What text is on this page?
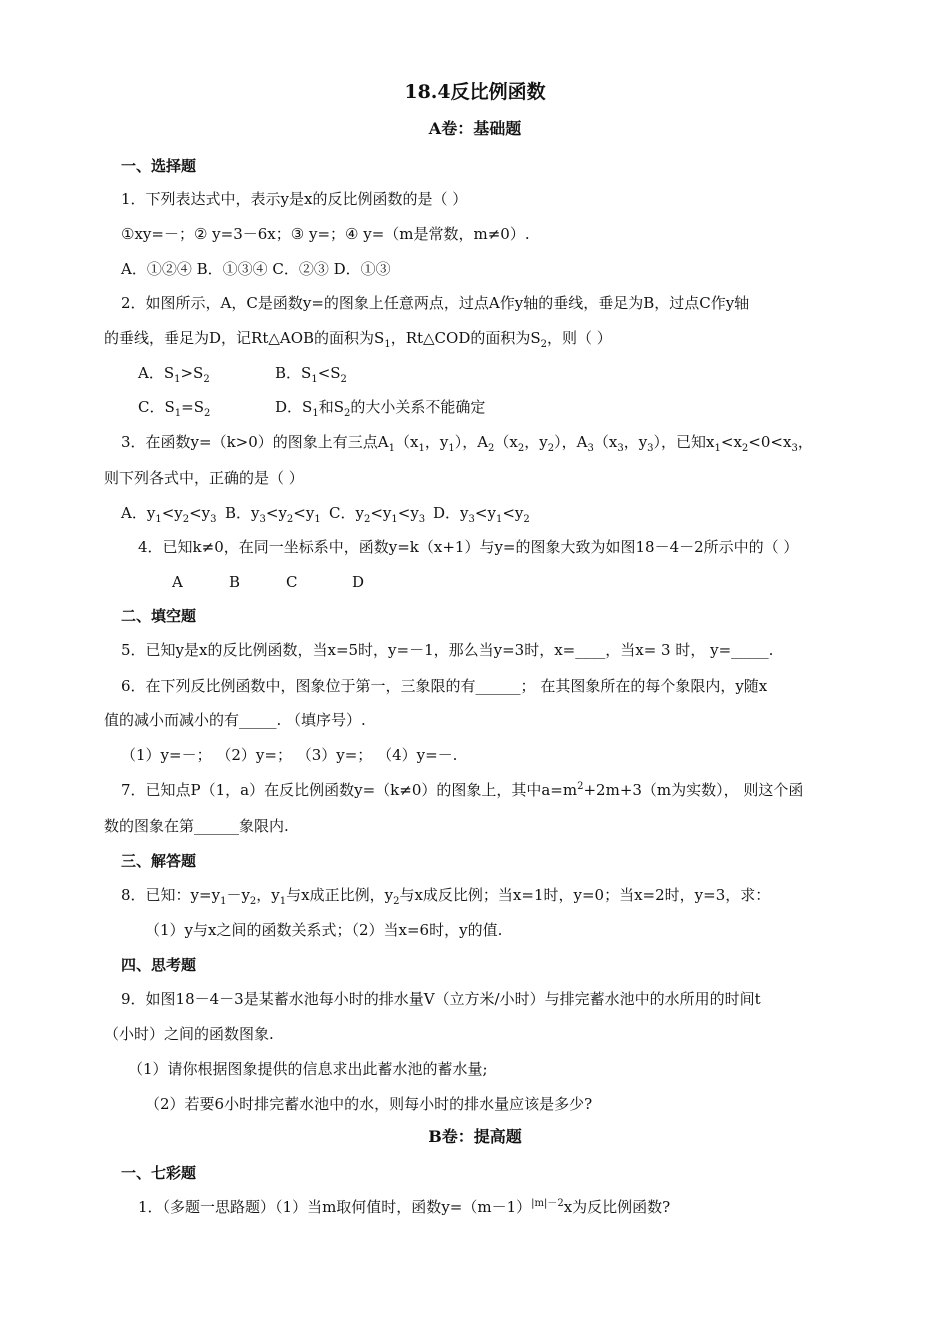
18.4反比例函数
A卷：基础题
一、选择题
1．下列表达式中，表示y是x的反比例函数的是（ ）
①xy=－；② y=3－6x；③ y=；④ y=（m是常数，m≠0）.
A．①②④ B．①③④ C．②③ D．①③
2．如图所示，A，C是函数y=的图象上任意两点，过点A作y轴的垂线，垂足为B，过点C作y轴
的垂线，垂足为D，记Rt△AOB的面积为$S_1$，Rt△COD的面积为$S_2$，则（ ）
A．$S_1>S_2$	B．$S_1<S_2$
C．$S_1=S_2$	D．$S_1$和$S_2$的大小关系不能确定
3．在函数y=（k>0）的图象上有三点$A_1(x_1$，$y_1$），$A_2(x_2$，$y_2$），$A_3(x_3$，$y_3$），已知$x_1<x_2<0<x_3$，
则下列各式中，正确的是（ ）
A．$y_1<y_2<y_3$ B．$y_3<y_2<y_1$ C．$y_2<y_1<y_3$ D．$y_3<y_1<y_2$
4．已知k≠0，在同一坐标系中，函数y=k（x+1）与y=的图象大致为如图18－4－2所示中的（ ）
A	B	C	D
二、填空题
5．已知y是x的反比例函数，当x=5时，y=－1，那么当y=3时，x=____，当x= 3 时， y=_____.
6．在下列反比例函数中，图象位于第一，三象限的有______； 在其图象所在的每个象限内，y随x
值的减小而减小的有_____. （填序号）.
（1）y=－； （2）y=； （3）y=； （4）y=－.
7．已知点P（1，a）在反比例函数y=（k≠0）的图象上，其中$a=m^2+2m+3(m$为实数）， 则这个函
数的图象在第______象限内.
三、解答题
8．已知：$y=y_1-y_2$，$y_1$与x成正比例，$y_2$与x成反比例；当x=1时，y=0；当x=2时，y=3，求：
（1）y与x之间的函数关系式；（2）当x=6时，y的值.
四、思考题
9．如图18－4－3是某蓄水池每小时的排水量V（立方米/小时）与排完蓄水池中的水所用的时间t
（小时）之间的函数图象.
（1）请你根据图象提供的信息求出此蓄水池的蓄水量;
（2）若要6小时排完蓄水池中的水，则每小时的排水量应该是多少?
B卷：提高题
一、七彩题
1．（多题一思路题）（1）当m取何值时，函数$y=(m-1)^{|m|-2}x$为反比例函数?
